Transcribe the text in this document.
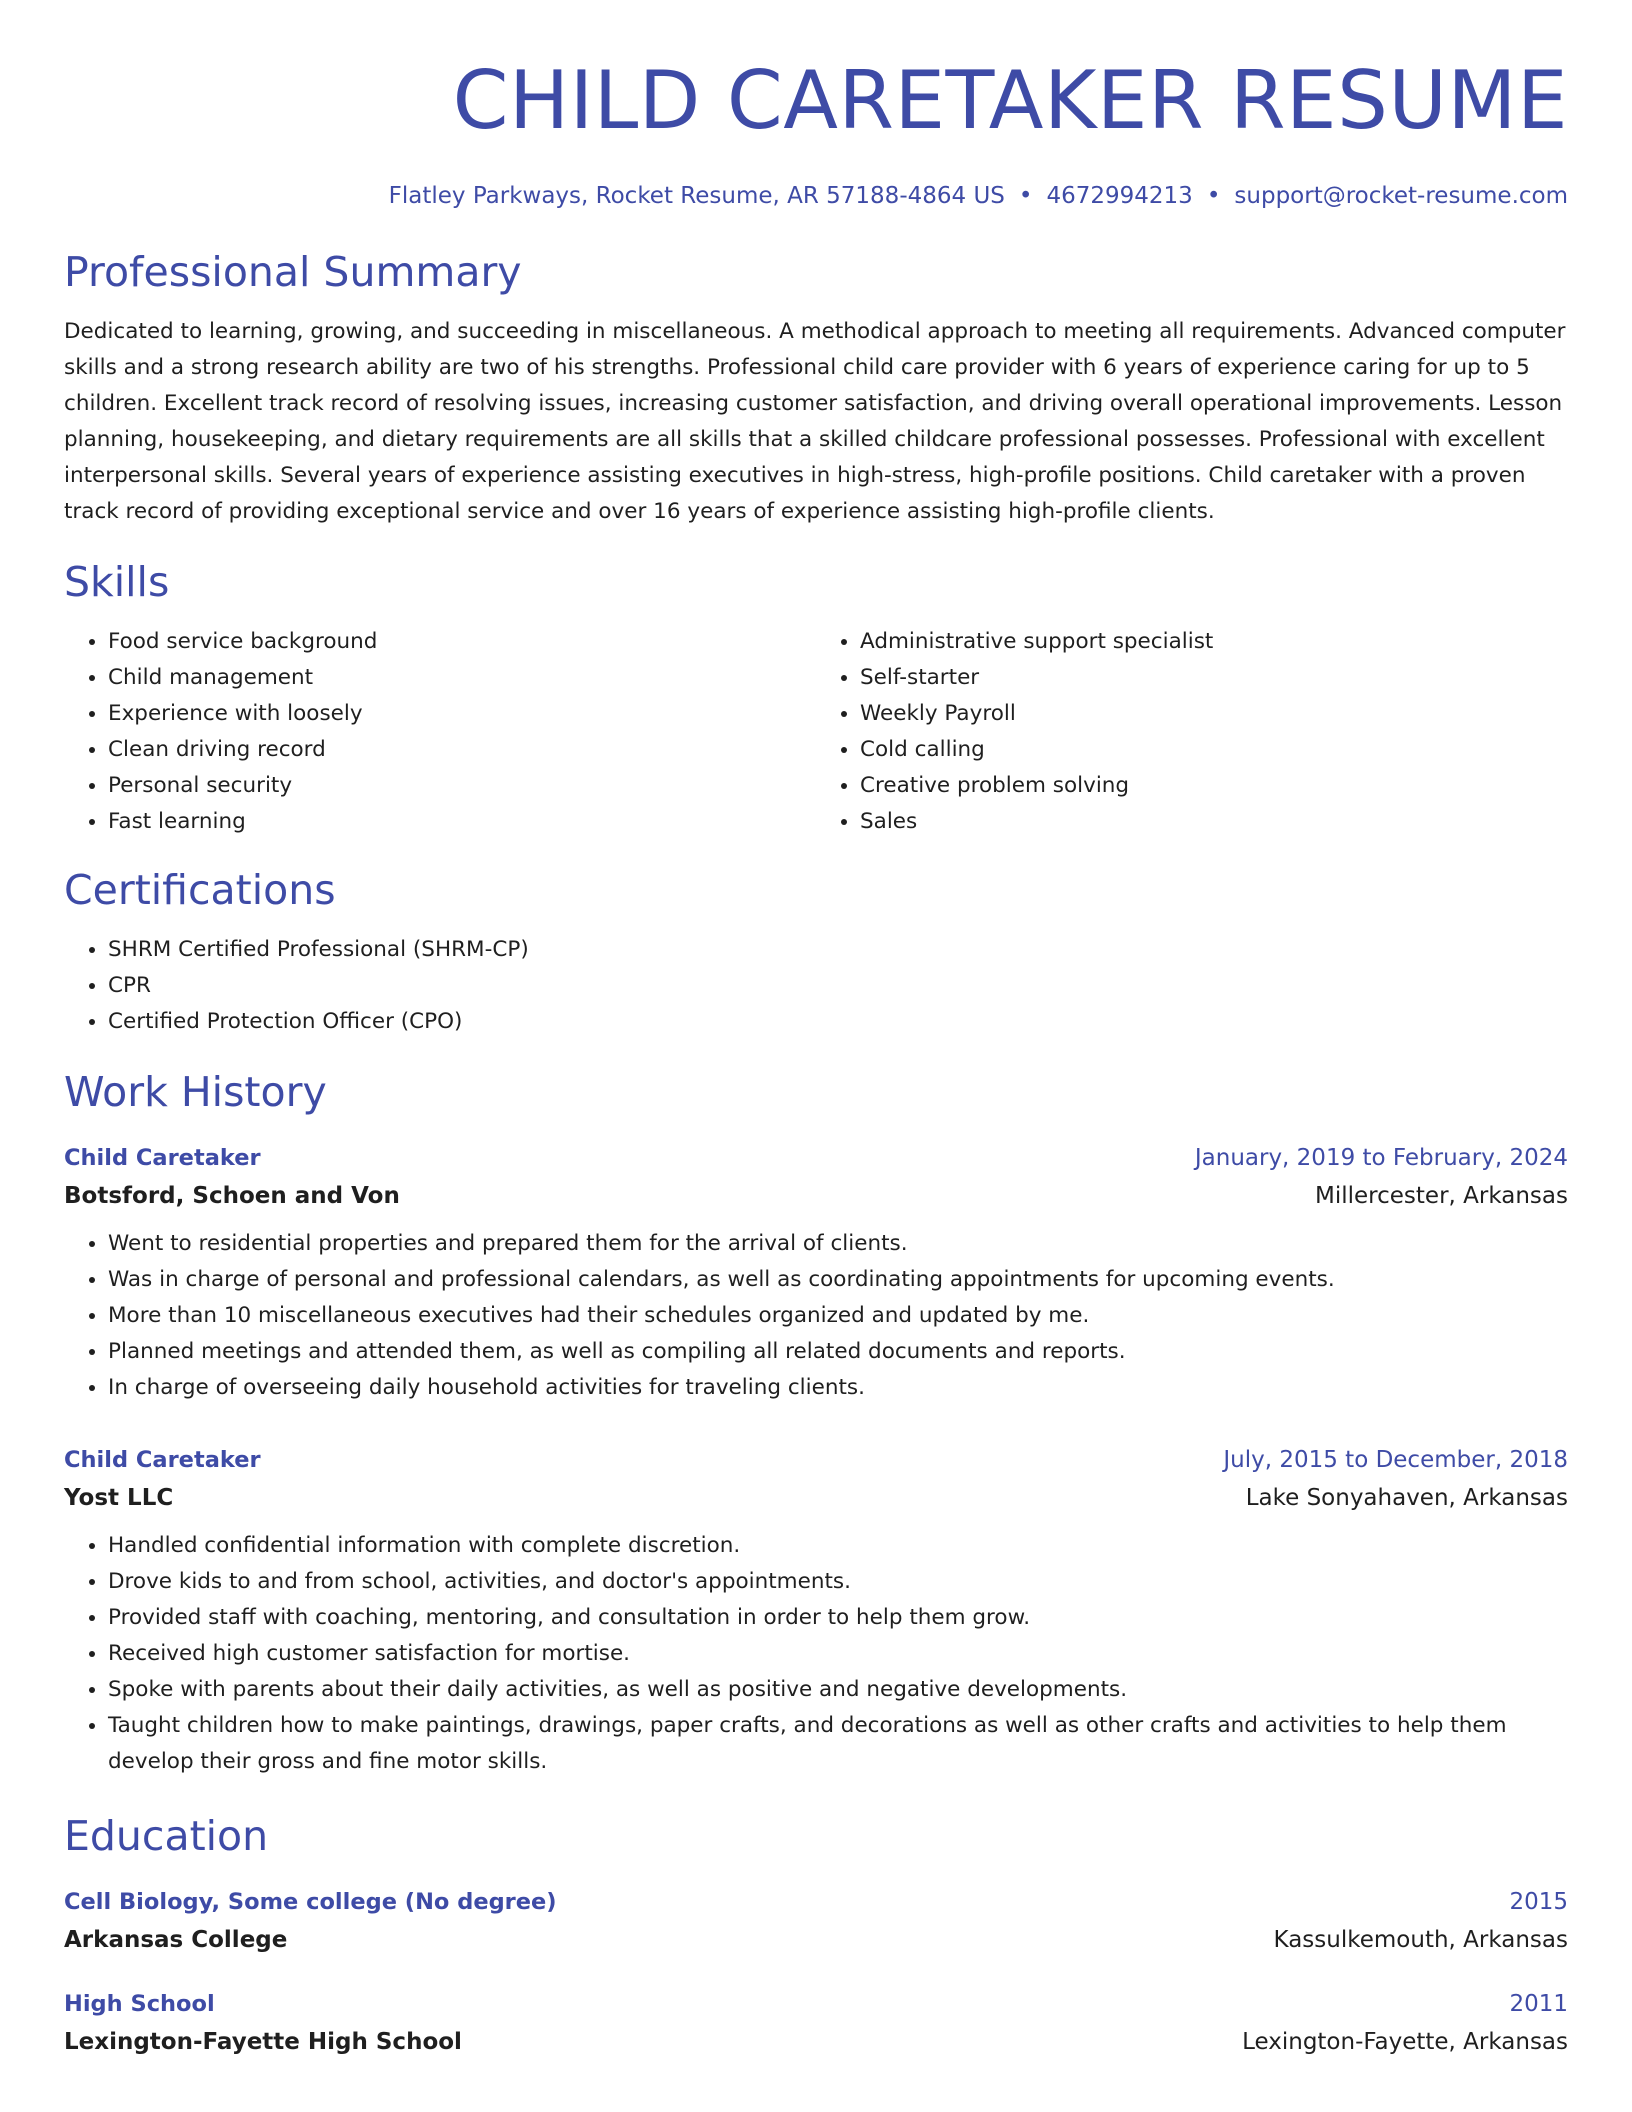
CHILD CARETAKER RESUME
Flatley Parkways, Rocket Resume, AR 57188-4864 US • 4672994213 • support@rocket-resume.com
Professional Summary

Dedicated to learning, growing, and succeeding in miscellaneous. A methodical approach to meeting all requirements. Advanced computer skills and a strong research ability are two of his strengths. Professional child care provider with 6 years of experience caring for up to 5 children. Excellent track record of resolving issues, increasing customer satisfaction, and driving overall operational improvements. Lesson planning, housekeeping, and dietary requirements are all skills that a skilled childcare professional possesses. Professional with excellent interpersonal skills. Several years of experience assisting executives in high-stress, high-profile positions. Child caretaker with a proven track record of providing exceptional service and over 16 years of experience assisting high-profile clients.

Skills
• Food service background
• Child management
• Experience with loosely
• Clean driving record
• Personal security
• Fast learning
• Administrative support specialist
• Self-starter
• Weekly Payroll
• Cold calling
• Creative problem solving
• Sales
Certifications
• SHRM Certified Professional (SHRM-CP)
• CPR
• Certified Protection Officer (CPO)
Work History
Child Caretaker	January, 2019 to February, 2024
Botsford, Schoen and Von	Millercester, Arkansas
• Went to residential properties and prepared them for the arrival of clients.
• Was in charge of personal and professional calendars, as well as coordinating appointments for upcoming events.
• More than 10 miscellaneous executives had their schedules organized and updated by me.
• Planned meetings and attended them, as well as compiling all related documents and reports.
• In charge of overseeing daily household activities for traveling clients.
Child Caretaker	July, 2015 to December, 2018
Yost LLC	Lake Sonyahaven, Arkansas
• Handled confidential information with complete discretion.
• Drove kids to and from school, activities, and doctor's appointments.
• Provided staff with coaching, mentoring, and consultation in order to help them grow.
• Received high customer satisfaction for mortise.
• Spoke with parents about their daily activities, as well as positive and negative developments.
• Taught children how to make paintings, drawings, paper crafts, and decorations as well as other crafts and activities to help them develop their gross and fine motor skills.
Education
Cell Biology, Some college (No degree)	2015
Arkansas College	Kassulkemouth, Arkansas
High School	2011
Lexington-Fayette High School	Lexington-Fayette, Arkansas
